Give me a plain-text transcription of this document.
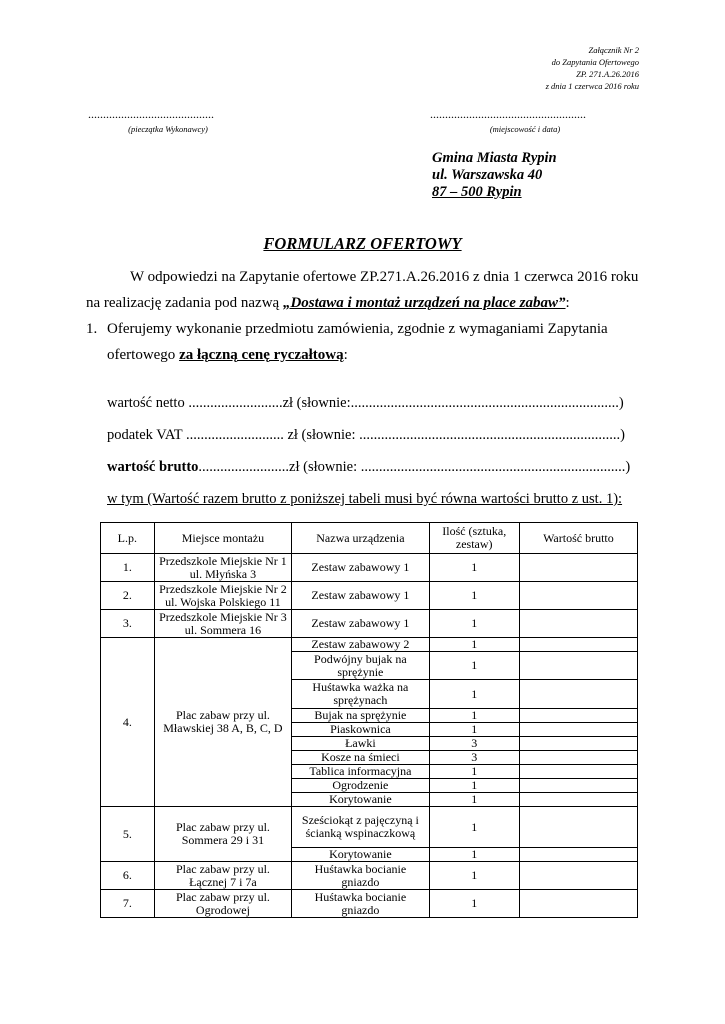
Załącznik Nr 2
do Zapytania Ofertowego
ZP. 271.A.26.2016
z dnia 1 czerwca 2016 roku
..........................................
(pieczątka Wykonawcy)
....................................................
(miejscowość i data)
Gmina Miasta Rypin
ul. Warszawska 40
87 – 500 Rypin
FORMULARZ OFERTOWY
W odpowiedzi na Zapytanie ofertowe ZP.271.A.26.2016 z dnia 1 czerwca 2016 roku
na realizację zadania pod nazwą „Dostawa i montaż urządzeń na place zabaw”:
1. Oferujemy wykonanie przedmiotu zamówienia, zgodnie z wymaganiami Zapytania
ofertowego za łączną cenę ryczałtową:
wartość netto ..........................zł (słownie:..........................................................................)
podatek VAT ........................... zł (słownie: ........................................................................)
wartość brutto.........................zł (słownie: .........................................................................)
w tym (Wartość razem brutto z poniższej tabeli musi być równa wartości brutto z ust. 1):
L.p.	Miejsce montażu	Nazwa urządzenia	Ilość (sztuka, zestaw)	Wartość brutto
1.	Przedszkole Miejskie Nr 1 ul. Młyńska 3	Zestaw zabawowy 1	1	
2.	Przedszkole Miejskie Nr 2 ul. Wojska Polskiego 11	Zestaw zabawowy 1	1	
3.	Przedszkole Miejskie Nr 3 ul. Sommera 16	Zestaw zabawowy 1	1	
4.	Plac zabaw przy ul. Mławskiej 38 A, B, C, D	Zestaw zabawowy 2	1	
		Podwójny bujak na sprężynie	1	
		Huśtawka ważka na sprężynach	1	
		Bujak na sprężynie	1	
		Piaskownica	1	
		Ławki	3	
		Kosze na śmieci	3	
		Tablica informacyjna	1	
		Ogrodzenie	1	
		Korytowanie	1	
5.	Plac zabaw przy ul. Sommera 29 i 31	Sześciokąt z pajęczyną i ścianką wspinaczkową	1	
		Korytowanie	1	
6.	Plac zabaw przy ul. Łącznej 7 i 7a	Huśtawka bocianie gniazdo	1	
7.	Plac zabaw przy ul. Ogrodowej	Huśtawka bocianie gniazdo	1	
